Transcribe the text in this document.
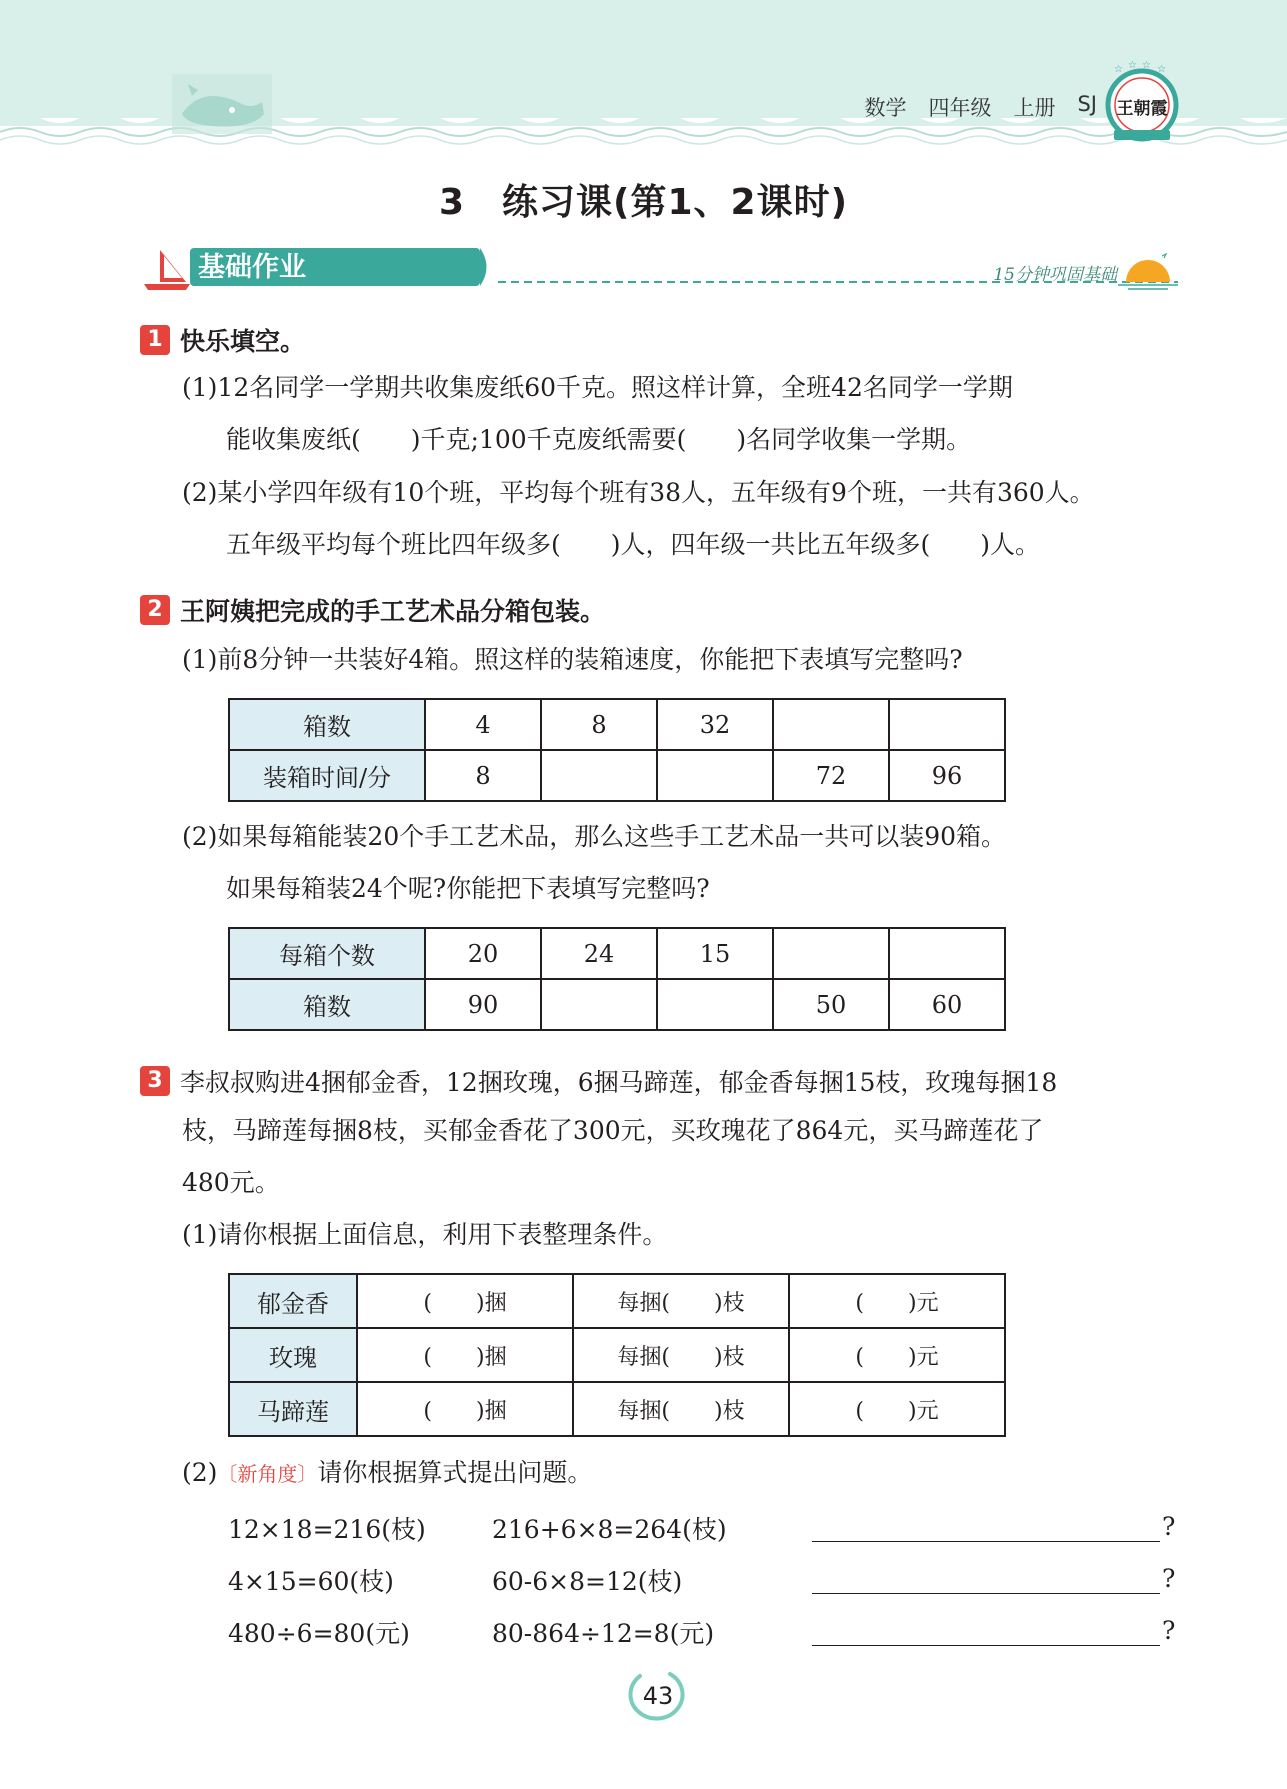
数学 四年级 上册 SJ
☆ ☆ ☆ ☆
王朝霞
3　练习课(第1、2课时)
基础作业	15分钟巩固基础
1 快乐填空。
(1)12名同学一学期共收集废纸60千克。照这样计算，全班42名同学一学期
能收集废纸(　　)千克;100千克废纸需要(　　)名同学收集一学期。
(2)某小学四年级有10个班，平均每个班有38人，五年级有9个班，一共有360人。
五年级平均每个班比四年级多(　　)人，四年级一共比五年级多(　　)人。
2 王阿姨把完成的手工艺术品分箱包装。
(1)前8分钟一共装好4箱。照这样的装箱速度，你能把下表填写完整吗?
箱数	4	8	32		
装箱时间/分	8			72	96
(2)如果每箱能装20个手工艺术品，那么这些手工艺术品一共可以装90箱。
如果每箱装24个呢?你能把下表填写完整吗?
每箱个数	20	24	15		
箱数	90			50	60
3 李叔叔购进4捆郁金香，12捆玫瑰，6捆马蹄莲，郁金香每捆15枝，玫瑰每捆18
枝，马蹄莲每捆8枝，买郁金香花了300元，买玫瑰花了864元，买马蹄莲花了
480元。
(1)请你根据上面信息，利用下表整理条件。
郁金香	(　　)捆	每捆(　　)枝	(　　)元
玫瑰	(　　)捆	每捆(　　)枝	(　　)元
马蹄莲	(　　)捆	每捆(　　)枝	(　　)元
(2)〔新角度〕请你根据算式提出问题。
12×18=216(枝)	216+6×8=264(枝)	?
4×15=60(枝)	60-6×8=12(枝)	?
480÷6=80(元)	80-864÷12=8(元)	?
43
